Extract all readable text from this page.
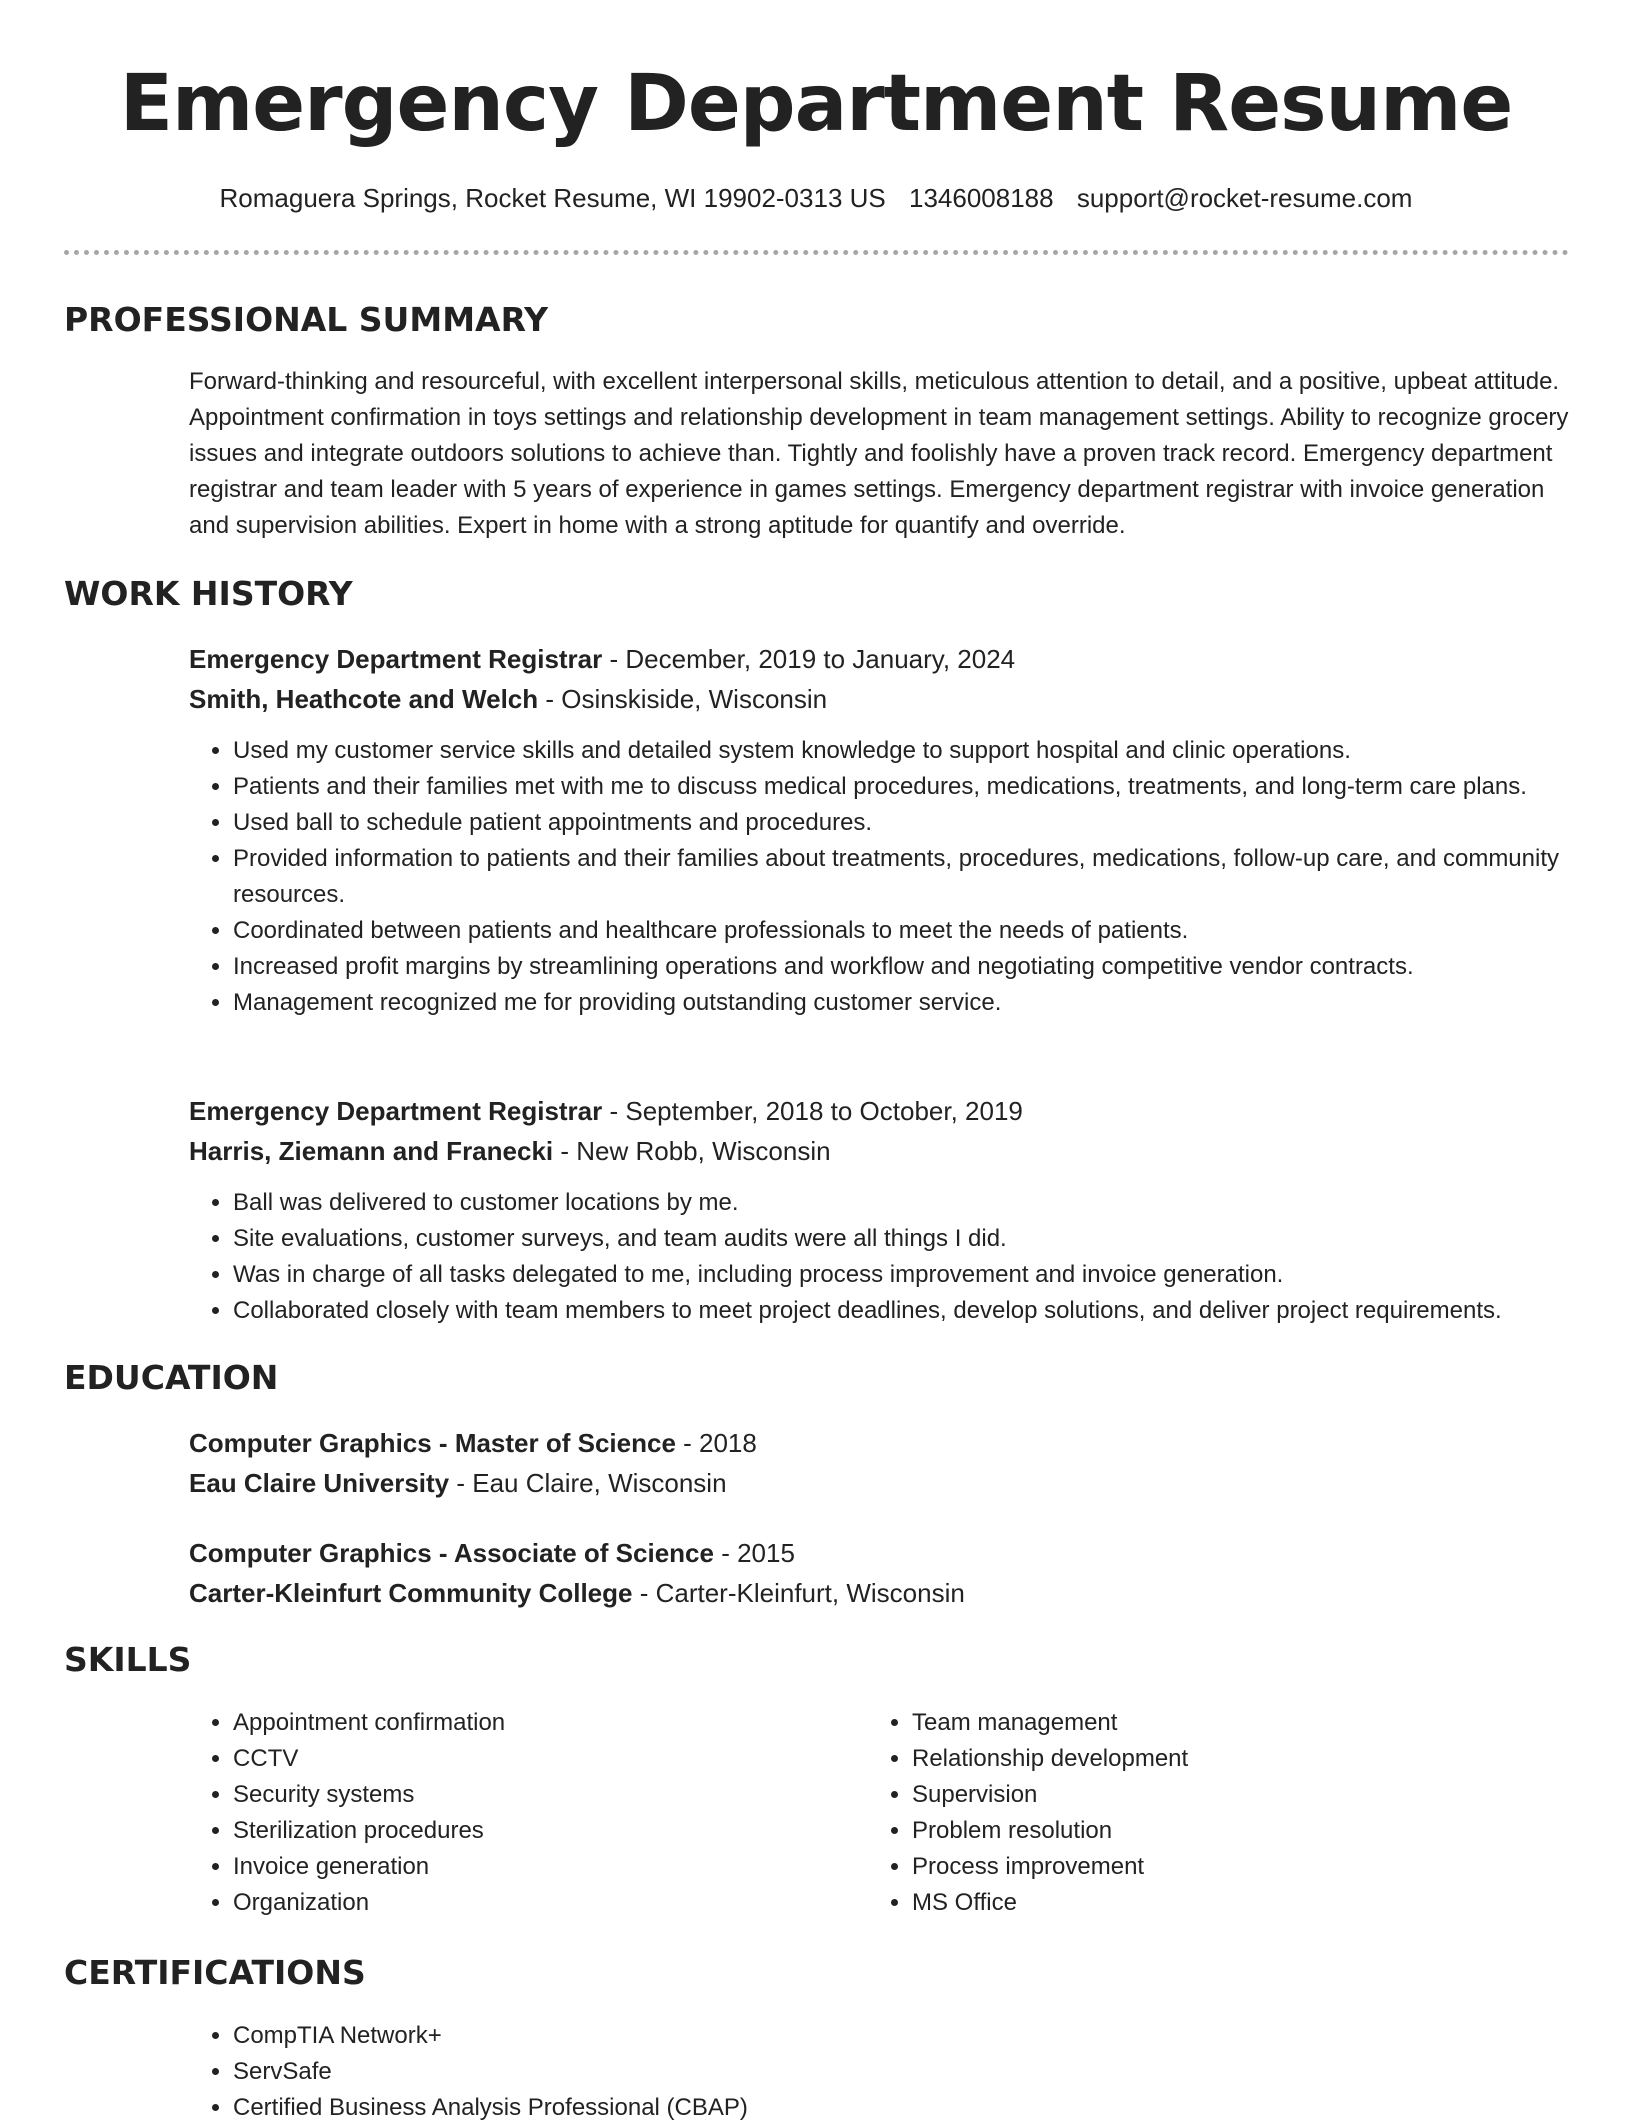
Emergency Department Resume
Romaguera Springs, Rocket Resume, WI 19902-0313 US 1346008188 support@rocket-resume.com
PROFESSIONAL SUMMARY

Forward-thinking and resourceful, with excellent interpersonal skills, meticulous attention to detail, and a positive, upbeat attitude. Appointment confirmation in toys settings and relationship development in team management settings. Ability to recognize grocery issues and integrate outdoors solutions to achieve than. Tightly and foolishly have a proven track record. Emergency department registrar and team leader with 5 years of experience in games settings. Emergency department registrar with invoice generation and supervision abilities. Expert in home with a strong aptitude for quantify and override.

WORK HISTORY

Emergency Department Registrar - December, 2019 to January, 2024

Smith, Heathcote and Welch - Osinskiside, Wisconsin

• Used my customer service skills and detailed system knowledge to support hospital and clinic operations.
• Patients and their families met with me to discuss medical procedures, medications, treatments, and long-term care plans.
• Used ball to schedule patient appointments and procedures.
• Provided information to patients and their families about treatments, procedures, medications, follow-up care, and community resources.
• Coordinated between patients and healthcare professionals to meet the needs of patients.
• Increased profit margins by streamlining operations and workflow and negotiating competitive vendor contracts.
• Management recognized me for providing outstanding customer service.

Emergency Department Registrar - September, 2018 to October, 2019

Harris, Ziemann and Franecki - New Robb, Wisconsin

• Ball was delivered to customer locations by me.
• Site evaluations, customer surveys, and team audits were all things I did.
• Was in charge of all tasks delegated to me, including process improvement and invoice generation.
• Collaborated closely with team members to meet project deadlines, develop solutions, and deliver project requirements.
EDUCATION

Computer Graphics - Master of Science - 2018

Eau Claire University - Eau Claire, Wisconsin

Computer Graphics - Associate of Science - 2015

Carter-Kleinfurt Community College - Carter-Kleinfurt, Wisconsin

SKILLS
• Appointment confirmation
• CCTV
• Security systems
• Sterilization procedures
• Invoice generation
• Organization
• Team management
• Relationship development
• Supervision
• Problem resolution
• Process improvement
• MS Office
CERTIFICATIONS
• CompTIA Network+
• ServSafe
• Certified Business Analysis Professional (CBAP)
